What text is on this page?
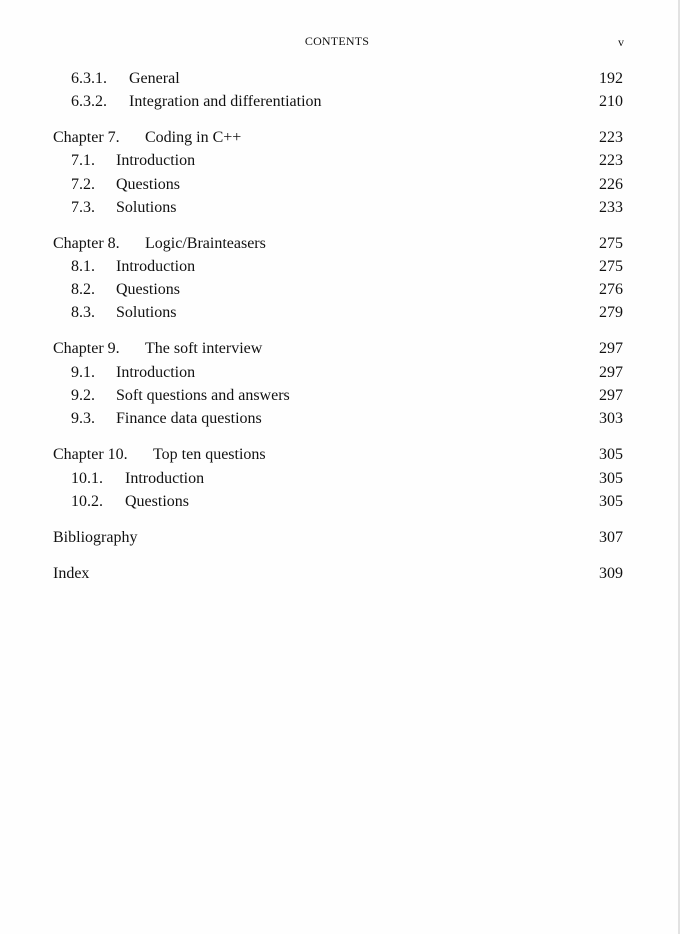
CONTENTS	v
6.3.1. General	192
6.3.2. Integration and differentiation	210
Chapter 7. Coding in C++	223
7.1. Introduction	223
7.2. Questions	226
7.3. Solutions	233
Chapter 8. Logic/Brainteasers	275
8.1. Introduction	275
8.2. Questions	276
8.3. Solutions	279
Chapter 9. The soft interview	297
9.1. Introduction	297
9.2. Soft questions and answers	297
9.3. Finance data questions	303
Chapter 10. Top ten questions	305
10.1. Introduction	305
10.2. Questions	305
Bibliography	307
Index	309
